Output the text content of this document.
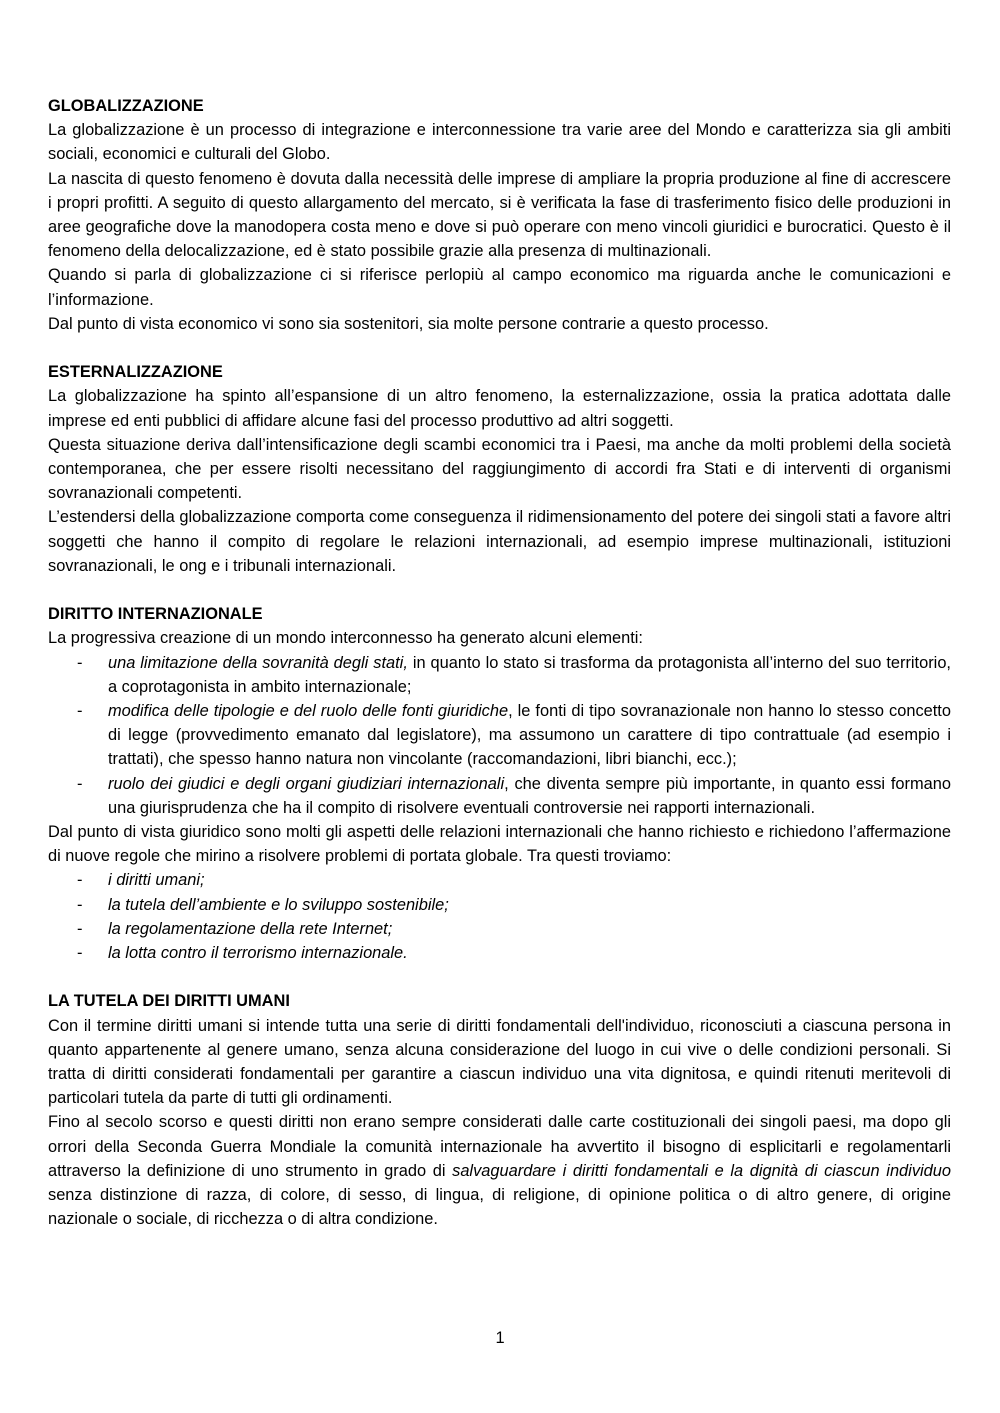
GLOBALIZZAZIONE

La globalizzazione è un processo di integrazione e interconnessione tra varie aree del Mondo e caratterizza sia gli ambiti sociali, economici e culturali del Globo.

La nascita di questo fenomeno è dovuta dalla necessità delle imprese di ampliare la propria produzione al fine di accrescere i propri profitti. A seguito di questo allargamento del mercato, si è verificata la fase di trasferimento fisico delle produzioni in aree geografiche dove la manodopera costa meno e dove si può operare con meno vincoli giuridici e burocratici. Questo è il fenomeno della delocalizzazione, ed è stato possibile grazie alla presenza di multinazionali.

Quando si parla di globalizzazione ci si riferisce perlopiù al campo economico ma riguarda anche le comunicazioni e l’informazione.

Dal punto di vista economico vi sono sia sostenitori, sia molte persone contrarie a questo processo.

ESTERNALIZZAZIONE

La globalizzazione ha spinto all’espansione di un altro fenomeno, la esternalizzazione, ossia la pratica adottata dalle imprese ed enti pubblici di affidare alcune fasi del processo produttivo ad altri soggetti.

Questa situazione deriva dall’intensificazione degli scambi economici tra i Paesi, ma anche da molti problemi della società contemporanea, che per essere risolti necessitano del raggiungimento di accordi fra Stati e di interventi di organismi sovranazionali competenti.

L’estendersi della globalizzazione comporta come conseguenza il ridimensionamento del potere dei singoli stati a favore altri soggetti che hanno il compito di regolare le relazioni internazionali, ad esempio imprese multinazionali, istituzioni sovranazionali, le ong e i tribunali internazionali.

DIRITTO INTERNAZIONALE

La progressiva creazione di un mondo interconnesso ha generato alcuni elementi:

- una limitazione della sovranità degli stati, in quanto lo stato si trasforma da protagonista all’interno del suo territorio, a coprotagonista in ambito internazionale;
- modifica delle tipologie e del ruolo delle fonti giuridiche, le fonti di tipo sovranazionale non hanno lo stesso concetto di legge (provvedimento emanato dal legislatore), ma assumono un carattere di tipo contrattuale (ad esempio i trattati), che spesso hanno natura non vincolante (raccomandazioni, libri bianchi, ecc.);
- ruolo dei giudici e degli organi giudiziari internazionali, che diventa sempre più importante, in quanto essi formano una giurisprudenza che ha il compito di risolvere eventuali controversie nei rapporti internazionali.

Dal punto di vista giuridico sono molti gli aspetti delle relazioni internazionali che hanno richiesto e richiedono l’affermazione di nuove regole che mirino a risolvere problemi di portata globale. Tra questi troviamo:

- i diritti umani;
- la tutela dell’ambiente e lo sviluppo sostenibile;
- la regolamentazione della rete Internet;
- la lotta contro il terrorismo internazionale.

LA TUTELA DEI DIRITTI UMANI

Con il termine diritti umani si intende tutta una serie di diritti fondamentali dell'individuo, riconosciuti a ciascuna persona in quanto appartenente al genere umano, senza alcuna considerazione del luogo in cui vive o delle condizioni personali. Si tratta di diritti considerati fondamentali per garantire a ciascun individuo una vita dignitosa, e quindi ritenuti meritevoli di particolari tutela da parte di tutti gli ordinamenti.

Fino al secolo scorso e questi diritti non erano sempre considerati dalle carte costituzionali dei singoli paesi, ma dopo gli orrori della Seconda Guerra Mondiale la comunità internazionale ha avvertito il bisogno di esplicitarli e regolamentarli attraverso la definizione di uno strumento in grado di salvaguardare i diritti fondamentali e la dignità di ciascun individuo senza distinzione di razza, di colore, di sesso, di lingua, di religione, di opinione politica o di altro genere, di origine nazionale o sociale, di ricchezza o di altra condizione.

1
